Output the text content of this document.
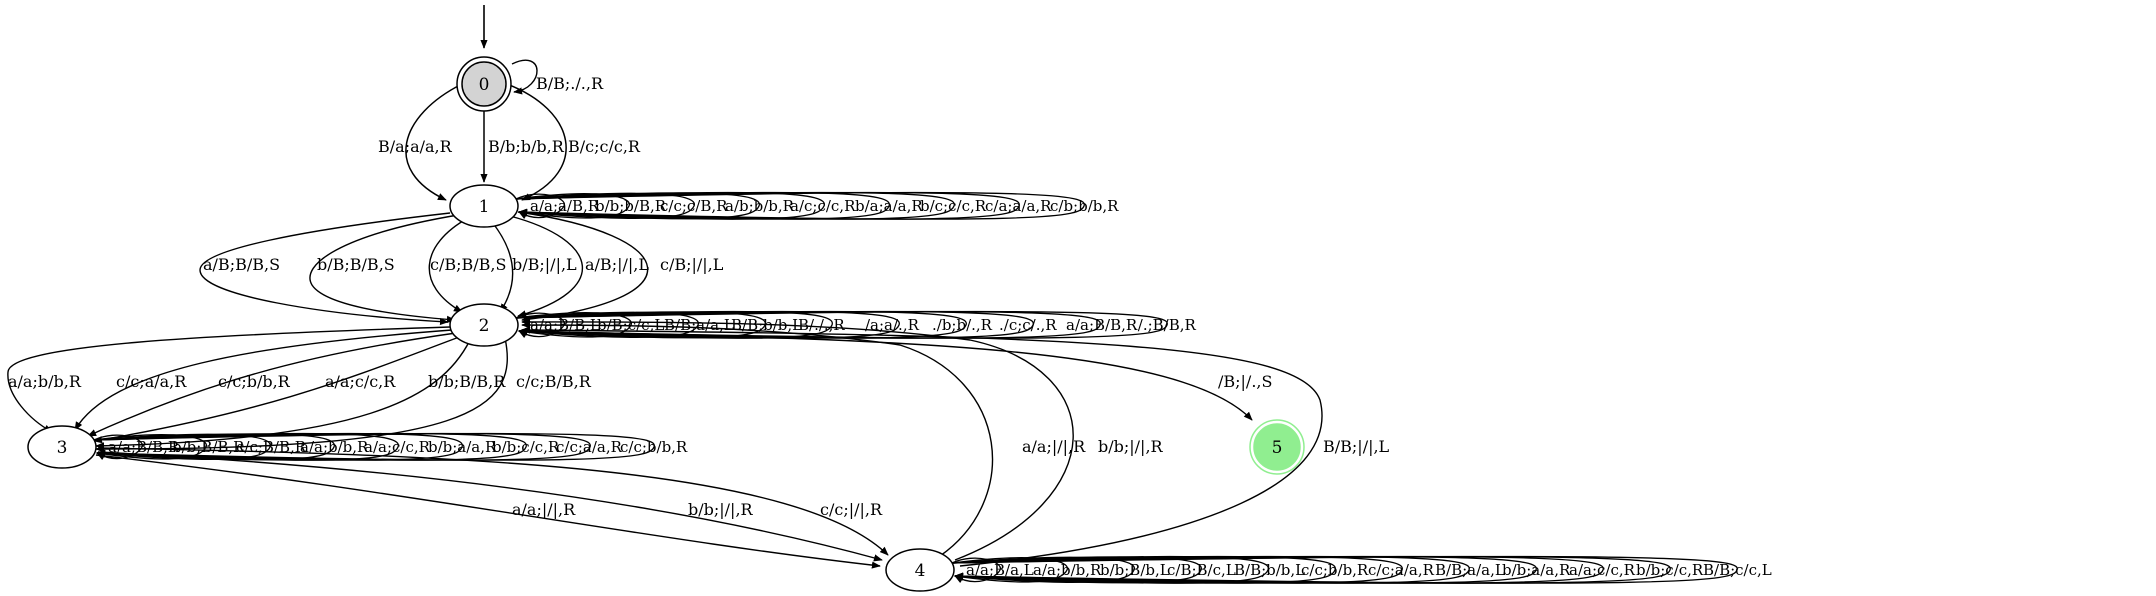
B/a;a/a,R B/b;b/b,R B/c;c/c,R
a/B;B/B,S b/B;B/B,S c/B;B/B,S b/B;|/|,L a/B;|/|,L c/B;|/|,L
a/a;b/b,R c/c;a/a,R c/c;b/b,R a/a;c/c,R b/b;B/B,R c/c;B/B,R
a/a;|/|,R	b/b;|/|,R	c/c;|/|,R
a/a;|/|,R b/b;|/|,R	B/B;|/|,L
/B;|/.,S
B/B;./.,R
a/a;a/B,R
b/b;b/B,R
c/c;c/B,R
a/b;b/b,R
a/c;c/c,R b/a;a/a,R
b/c;c/c,R
c/a;a/a,R
c/b;b/b,R
a/a;B/B,L
b/B;c/c,L B/B;a/a,L
B/B;b/b,L
B/./.,R /a;a/.,R ./b;b/.,R ./c;c/.,R a/a;B/B,R
./.;B/B,R
a/a;B/B,R
b/b;B/B,R
c/c;B/B,R
a/a;b/b,R
a/a;c/c,R
b/b;a/a,R
b/b;c/c,R
c/c;a/a,R
c/c;b/b,R
a/a;B/a,L a/a;b/b,R
b/b;B/b,L
c/B;B/c,L
B/B;b/b,L
c/c;b/b,R c/c;a/a,R B/B;a/a,L
b/b;a/a,R
a/a;c/c,R b/b;c/c,R B/B;c/c,L
0
1
2
3
4
5
